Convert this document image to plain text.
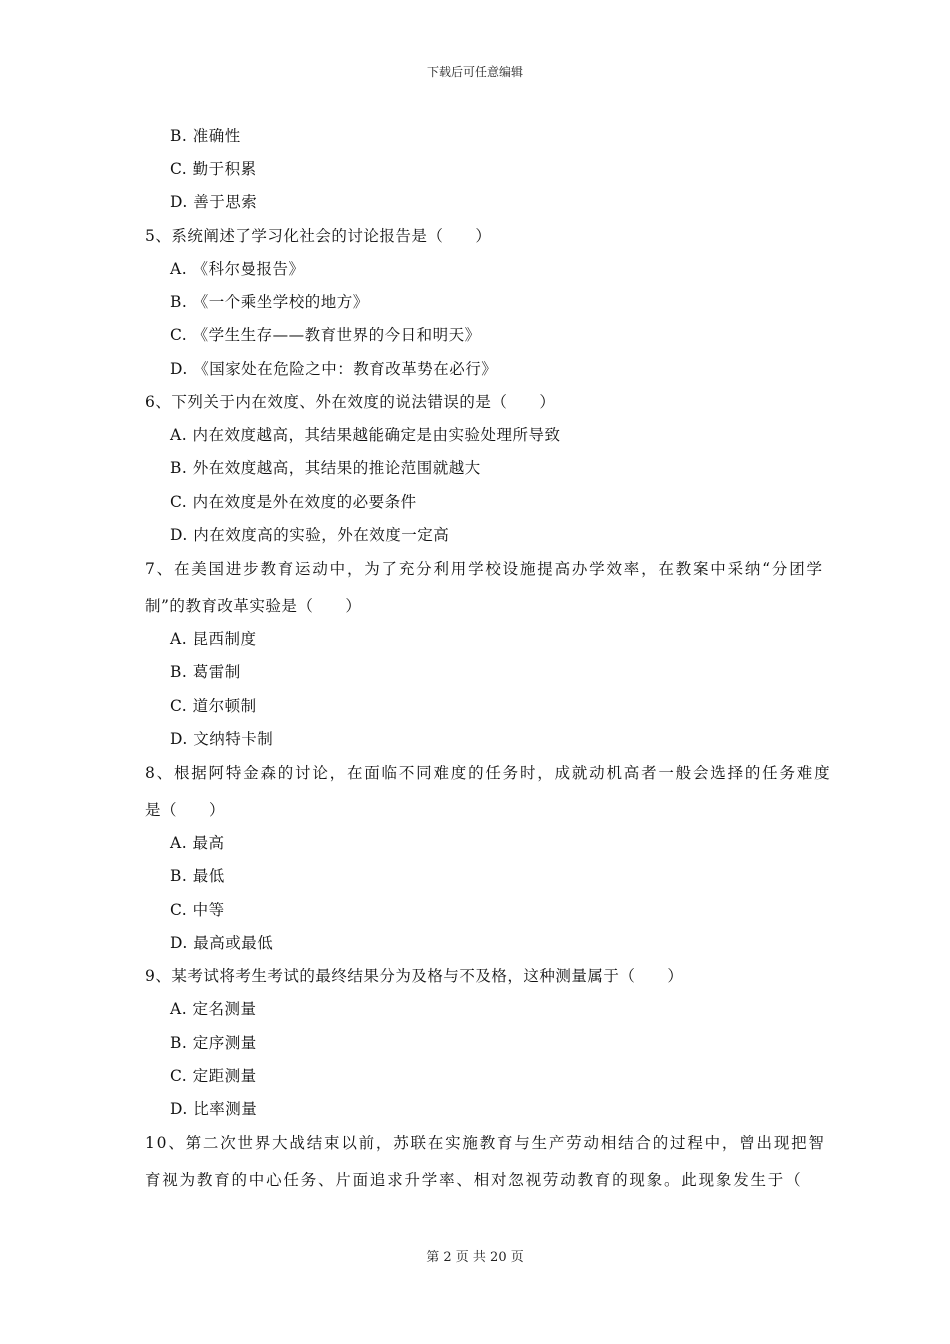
下载后可任意编辑
B. 准确性
C. 勤于积累
D. 善于思索
5、系统阐述了学习化社会的讨论报告是（　　）
A. 《科尔曼报告》
B. 《一个乘坐学校的地方》
C. 《学生生存——教育世界的今日和明天》
D. 《国家处在危险之中：教育改革势在必行》
6、下列关于内在效度、外在效度的说法错误的是（　　）
A. 内在效度越高，其结果越能确定是由实验处理所导致
B. 外在效度越高，其结果的推论范围就越大
C. 内在效度是外在效度的必要条件
D. 内在效度高的实验，外在效度一定高
7、在美国进步教育运动中，为了充分利用学校设施提高办学效率，在教案中采纳“分团学
制”的教育改革实验是（　　）
A. 昆西制度
B. 葛雷制
C. 道尔顿制
D. 文纳特卡制
8、根据阿特金森的讨论，在面临不同难度的任务时，成就动机高者一般会选择的任务难度
是（　　）
A. 最高
B. 最低
C. 中等
D. 最高或最低
9、某考试将考生考试的最终结果分为及格与不及格，这种测量属于（　　）
A. 定名测量
B. 定序测量
C. 定距测量
D. 比率测量
10、第二次世界大战结束以前，苏联在实施教育与生产劳动相结合的过程中，曾出现把智
育视为教育的中心任务、片面追求升学率、相对忽视劳动教育的现象。此现象发生于（
第 2 页 共 20 页
